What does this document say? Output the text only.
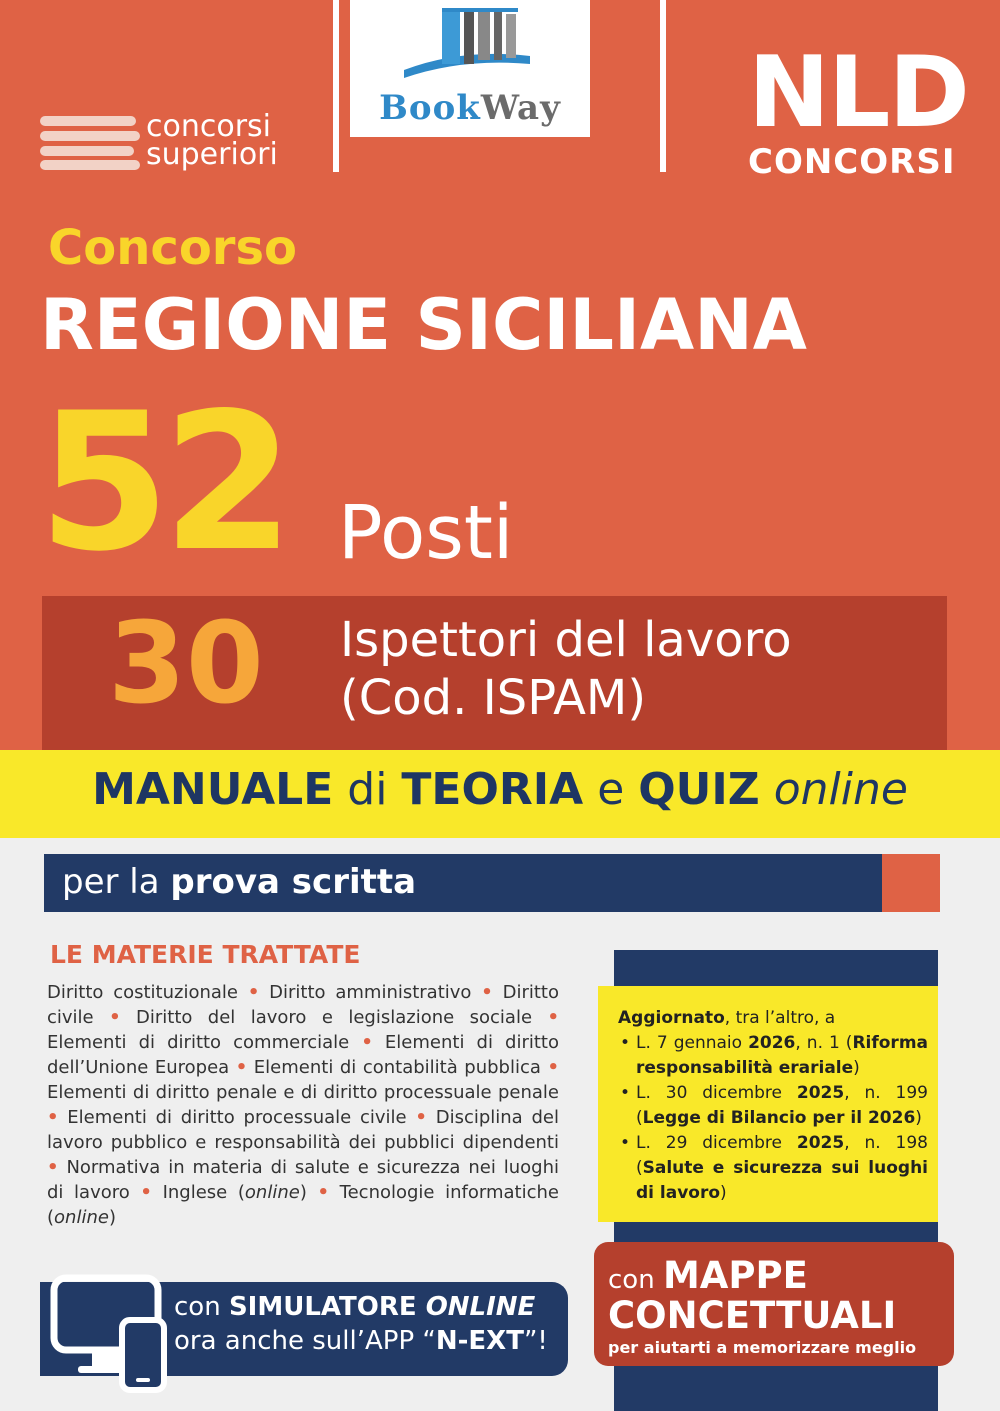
concorsi
superiori
BookWay NLD
CONCORSI
Concorso
REGIONE SICILIANA
52 Posti
30 Ispettori del lavoro
(Cod. ISPAM)
MANUALE di TEORIA e QUIZ online
per la prova scritta
LE MATERIE TRATTATE
Diritto costituzionale • Diritto amministrativo • Diritto civile • Diritto del lavoro e legislazione sociale • Elementi di diritto commerciale • Elementi di diritto dell’Unione Europea • Elementi di contabilità pubblica • Elementi di diritto penale e di diritto processuale penale • Elementi di diritto processuale civile • Disciplina del lavoro pubblico e responsabilità dei pubblici dipendenti • Normativa in materia di salute e sicurezza nei luoghi di lavoro • Inglese (online) • Tecnologie informatiche (online)
Aggiornato, tra l’altro, a
• L. 7 gennaio 2026, n. 1 (Riforma responsabilità erariale)
• L. 30 dicembre 2025, n. 199 (Legge di Bilancio per il 2026)
• L. 29 dicembre 2025, n. 198 (Salute e sicurezza sui luoghi di lavoro)
con MAPPE
CONCETTUALI
per aiutarti a memorizzare meglio
con SIMULATORE ONLINE
ora anche sull’APP “N-EXT”!
